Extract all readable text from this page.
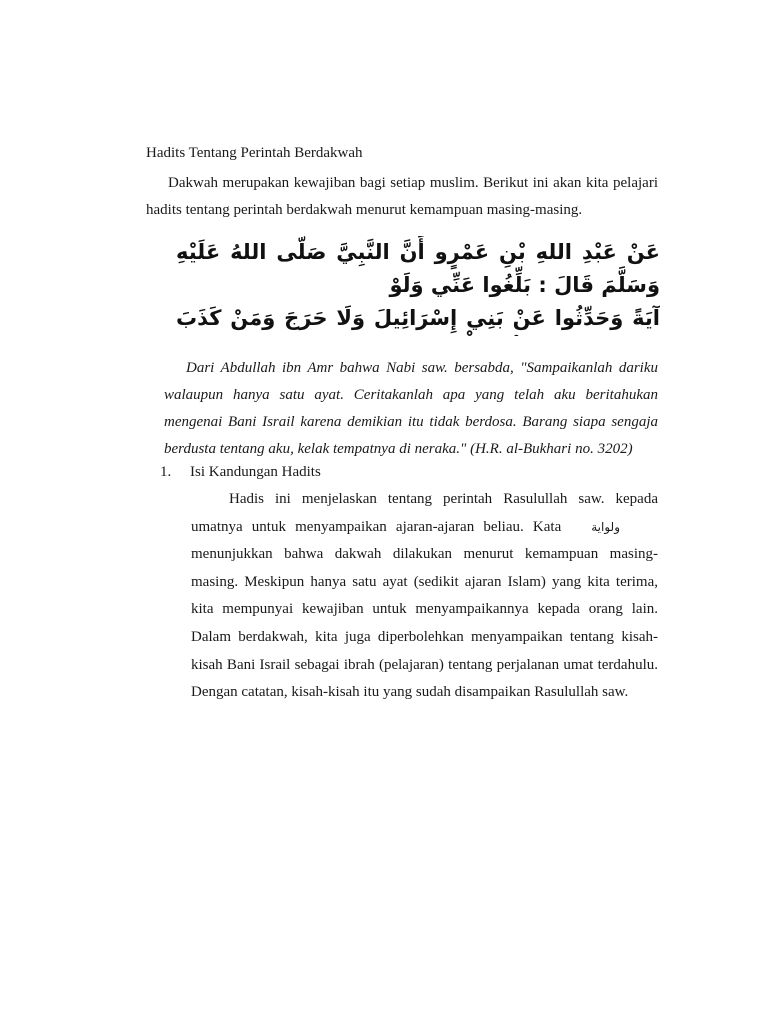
Hadits Tentang Perintah Berdakwah

Dakwah merupakan kewajiban bagi setiap muslim. Berikut ini akan kita pelajari hadits tentang perintah berdakwah menurut kemampuan masing-masing.

عَنْ عَبْدِ اللهِ بْنِ عَمْرٍو أَنَّ النَّبِيَّ صَلَّى اللهُ عَلَيْهِ وَسَلَّمَ قَالَ : بَلِّغُوا عَنِّي وَلَوْ
آيَةً وَحَدِّثُوا عَنْ بَنِي إِسْرَائِيلَ وَلَا حَرَجَ وَمَنْ كَذَبَ

Dari Abdullah ibn Amr bahwa Nabi saw. bersabda, "Sampaikanlah dariku walaupun hanya satu ayat. Ceritakanlah apa yang telah aku beritahukan mengenai Bani Israil karena demikian itu tidak berdosa. Barang siapa sengaja berdusta tentang aku, kelak tempatnya di neraka." (H.R. al-Bukhari no. 3202)

1. Isi Kandungan Hadits

Hadis ini menjelaskan tentang perintah Rasulullah saw. kepada umatnya untuk menyampaikan ajaran-ajaran beliau. Kata	ولواية menunjukkan bahwa dakwah dilakukan menurut kemampuan masing-masing. Meskipun hanya satu ayat (sedikit ajaran Islam) yang kita terima, kita mempunyai kewajiban untuk menyampaikannya kepada orang lain. Dalam berdakwah, kita juga diperbolehkan menyampaikan tentang kisah-kisah Bani Israil sebagai ibrah (pelajaran) tentang perjalanan umat terdahulu. Dengan catatan, kisah-kisah itu yang sudah disampaikan Rasulullah saw.
